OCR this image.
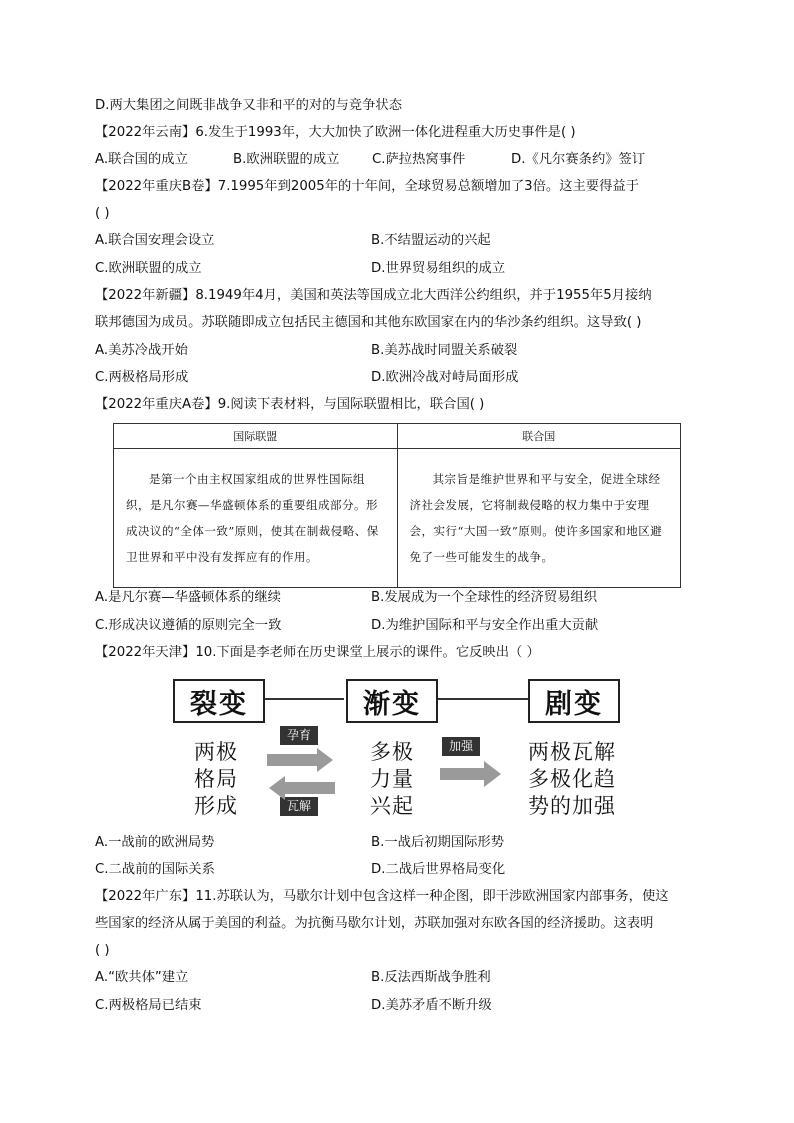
D.两大集团之间既非战争又非和平的对的与竞争状态
【2022年云南】6.发生于1993年，大大加快了欧洲一体化进程重大历史事件是( )
A.联合国的成立	B.欧洲联盟的成立 C.萨拉热窝事件	D.《凡尔赛条约》签订
【2022年重庆B卷】7.1995年到2005年的十年间，全球贸易总额增加了3倍。这主要得益于
( )
A.联合国安理会设立	B.不结盟运动的兴起
C.欧洲联盟的成立	D.世界贸易组织的成立
【2022年新疆】8.1949年4月，美国和英法等国成立北大西洋公约组织，并于1955年5月接纳
联邦德国为成员。苏联随即成立包括民主德国和其他东欧国家在内的华沙条约组织。这导致( )
A.美苏冷战开始	B.美苏战时同盟关系破裂
C.两极格局形成	D.欧洲冷战对峙局面形成
【2022年重庆A卷】9.阅读下表材料，与国际联盟相比，联合国( )
国际联盟	联合国

是第一个由主权国家组成的世界性国际组织，是凡尔赛—华盛顿体系的重要组成部分。形成决议的“全体一致”原则，使其在制裁侵略、保卫世界和平中没有发挥应有的作用。	其宗旨是维护世界和平与安全，促进全球经济社会发展，它将制裁侵略的权力集中于安理会，实行“大国一致”原则。使许多国家和地区避免了一些可能发生的战争。

A.是凡尔赛—华盛顿体系的继续	B.发展成为一个全球性的经济贸易组织
C.形成决议遵循的原则完全一致	D.为维护国际和平与安全作出重大贡献
【2022年天津】10.下面是李老师在历史课堂上展示的课件。它反映出（ ）
裂变	渐变	剧变
两极
格局
形成
多极
力量
兴起
两极瓦解
多极化趋
势的加强
孕育
瓦解
加强
A.一战前的欧洲局势	B.一战后初期国际形势
C.二战前的国际关系	D.二战后世界格局变化
【2022年广东】11.苏联认为，马歇尔计划中包含这样一种企图，即干涉欧洲国家内部事务，使这
些国家的经济从属于美国的利益。为抗衡马歇尔计划，苏联加强对东欧各国的经济援助。这表明
( )
A.“欧共体”建立	B.反法西斯战争胜利
C.两极格局已结束	D.美苏矛盾不断升级
